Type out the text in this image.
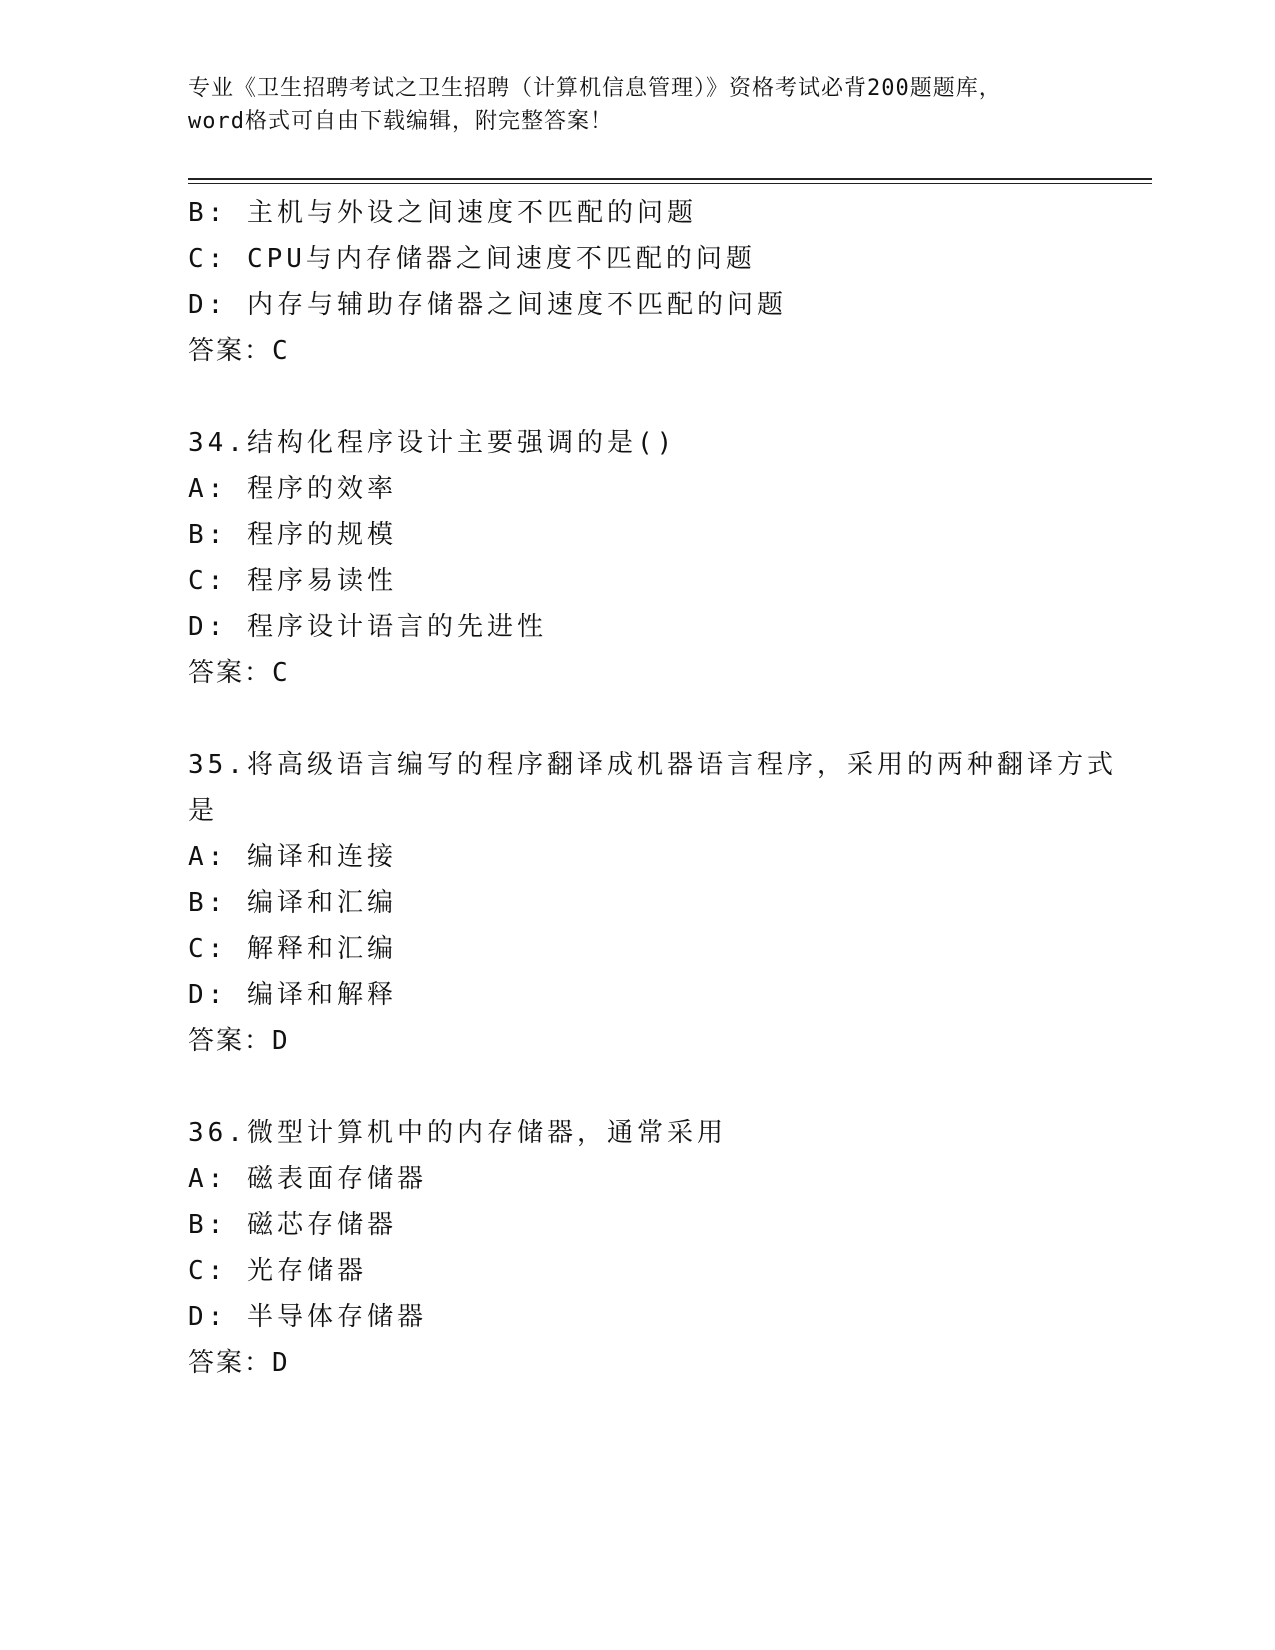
专业《卫生招聘考试之卫生招聘（计算机信息管理）》资格考试必背200题题库，
word格式可自由下载编辑，附完整答案！
B: 主机与外设之间速度不匹配的问题
C: CPU与内存储器之间速度不匹配的问题
D: 内存与辅助存储器之间速度不匹配的问题
答案：C
34.结构化程序设计主要强调的是()
A: 程序的效率
B: 程序的规模
C: 程序易读性
D: 程序设计语言的先进性
答案：C
35.将高级语言编写的程序翻译成机器语言程序，采用的两种翻译方式
是
A: 编译和连接
B: 编译和汇编
C: 解释和汇编
D: 编译和解释
答案：D
36.微型计算机中的内存储器，通常采用
A: 磁表面存储器
B: 磁芯存储器
C: 光存储器
D: 半导体存储器
答案：D
